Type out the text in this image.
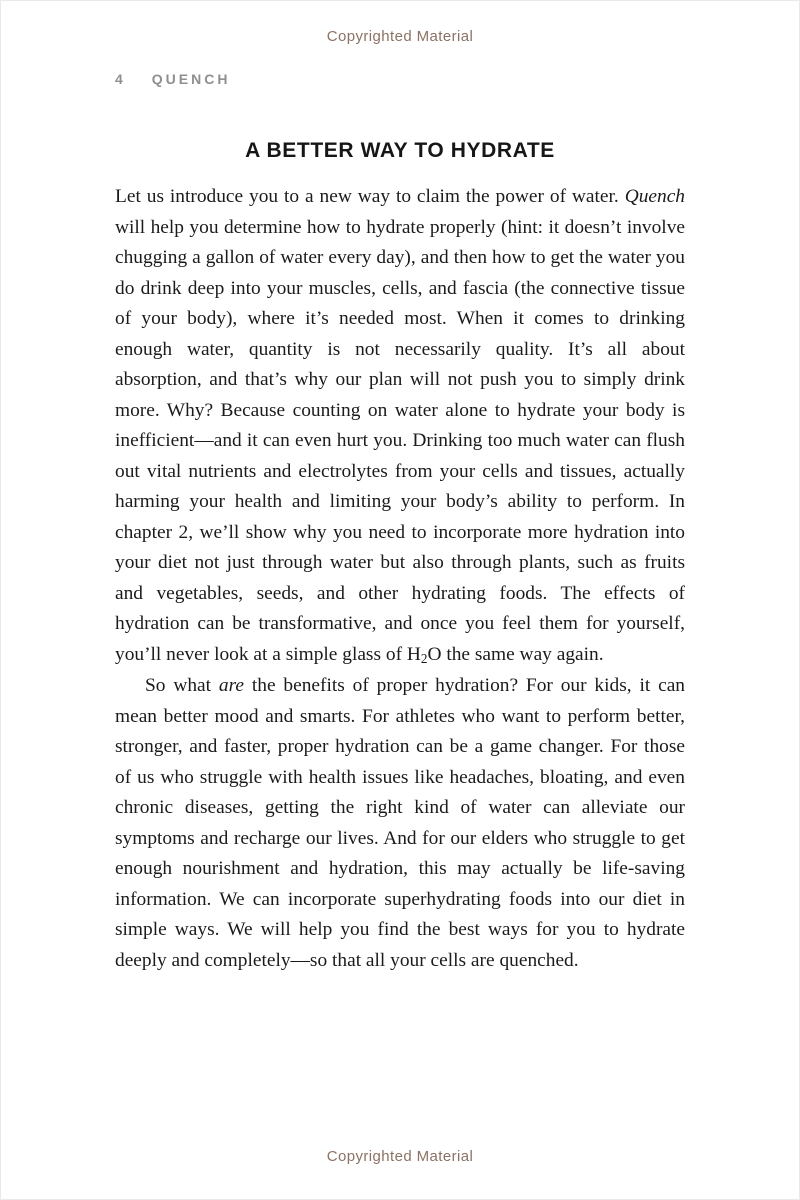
Copyrighted Material
4 QUENCH
A BETTER WAY TO HYDRATE

Let us introduce you to a new way to claim the power of water. Quench will help you determine how to hydrate properly (hint: it doesn’t involve chugging a gallon of water every day), and then how to get the water you do drink deep into your muscles, cells, and fascia (the connective tissue of your body), where it’s needed most. When it comes to drinking enough water, quantity is not necessarily quality. It’s all about absorption, and that’s why our plan will not push you to simply drink more. Why? Because counting on water alone to hydrate your body is inefficient—and it can even hurt you. Drinking too much water can flush out vital nutrients and electrolytes from your cells and tissues, actually harming your health and limiting your body’s ability to perform. In chapter 2, we’ll show why you need to incorporate more hydration into your diet not just through water but also through plants, such as fruits and vegetables, seeds, and other hydrating foods. The effects of hydration can be transformative, and once you feel them for yourself, you’ll never look at a simple glass of H2O the same way again.

So what are the benefits of proper hydration? For our kids, it can mean better mood and smarts. For athletes who want to perform better, stronger, and faster, proper hydration can be a game changer. For those of us who struggle with health issues like headaches, bloating, and even chronic diseases, getting the right kind of water can alleviate our symptoms and recharge our lives. And for our elders who struggle to get enough nourishment and hydration, this may actually be life-saving information. We can incorporate superhydrating foods into our diet in simple ways. We will help you find the best ways for you to hydrate deeply and completely—so that all your cells are quenched.

Copyrighted Material
